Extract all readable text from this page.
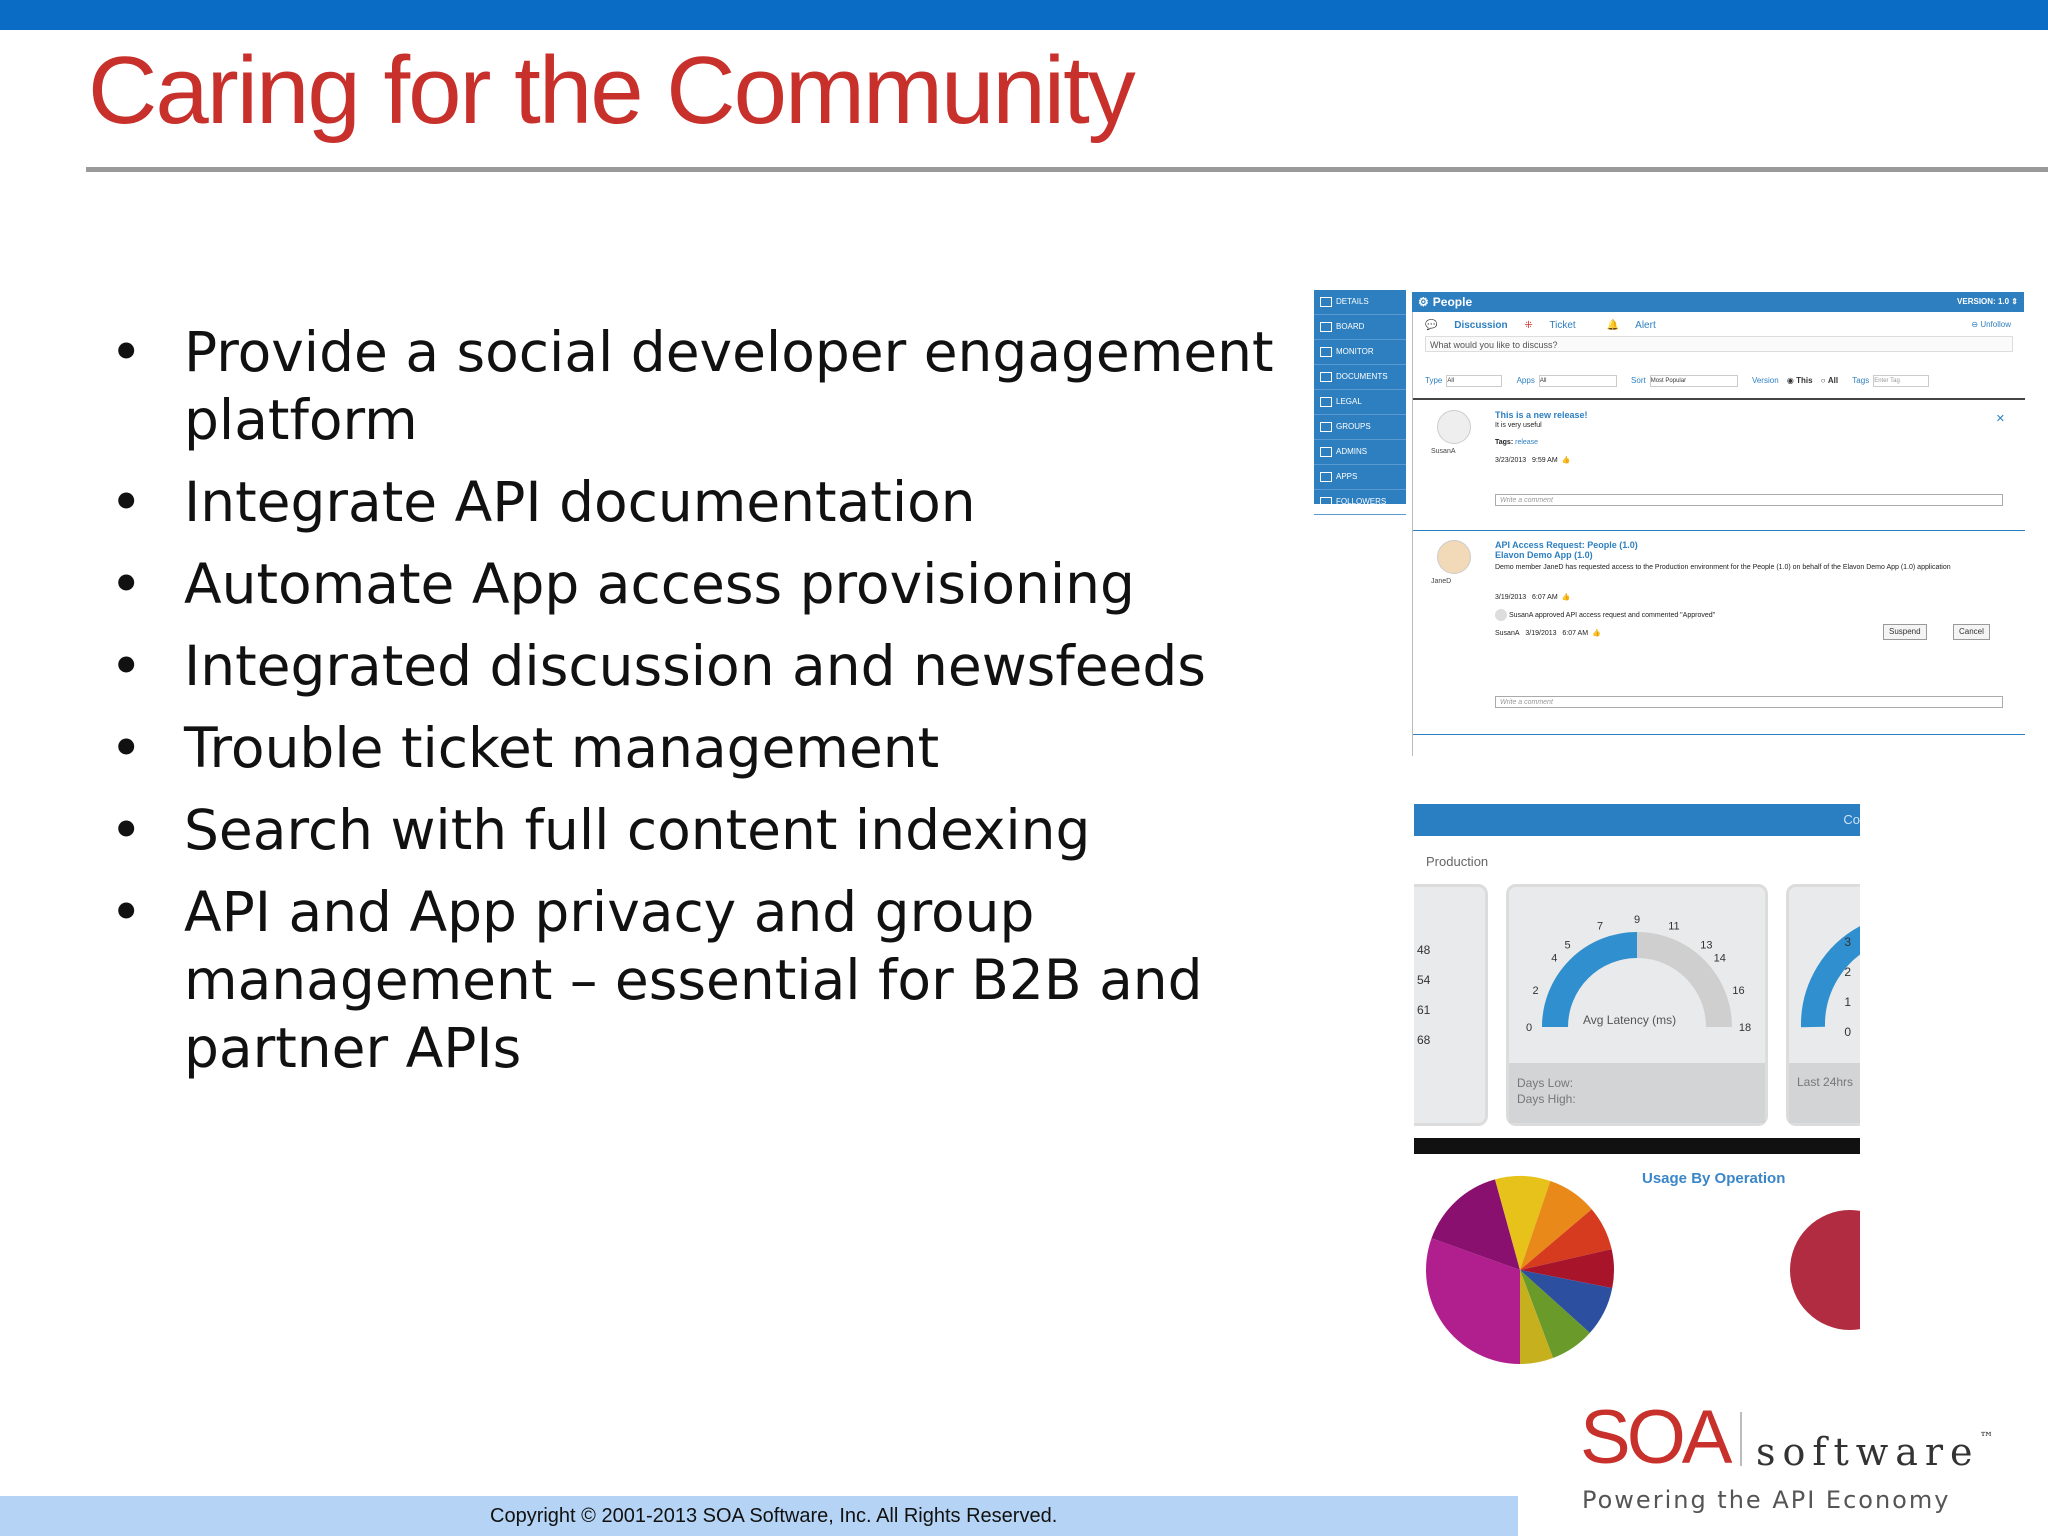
Caring for the Community
• Provide a social developer engagement platform
• Integrate API documentation
• Automate App access provisioning
• Integrated discussion and newsfeeds
• Trouble ticket management
• Search with full content indexing
• API and App privacy and group management – essential for B2B and partner APIs
DETAILS
BOARD
MONITOR
DOCUMENTS
LEGAL
GROUPS
ADMINS
APPS
FOLLOWERS
⚙ People	VERSION: 1.0 ⇕
💬 Discussion ⁜ Ticket	🔔 Alert	⊖ Unfollow
What would you like to discuss?
Type All	Apps All	Sort Most Popular	Version ◉ This ○ All Tags Enter Tag
SusanA
This is a new release!
It is very useful
Tags: release
3/23/2013 9:59 AM 👍
✕
Write a comment
JaneD
API Access Request: People (1.0)
Elavon Demo App (1.0)
Demo member JaneD has requested access to the Production environment for the People (1.0) on behalf of the Elavon Demo App (1.0) application
3/19/2013 6:07 AM 👍
SusanA approved API access request and commented "Approved"
SusanA 3/19/2013 6:07 AM 👍	Suspend	Cancel
Write a comment
Co
Production
48
54
61
68
0
2
4
5
7
9
11
13
14
16
18
Avg Latency (ms)
Days Low:
Days High:
3
2
1
0
Last 24hrs
Usage By Operation
SOA software™
Powering the API Economy
Copyright © 2001-2013 SOA Software, Inc. All Rights Reserved.
